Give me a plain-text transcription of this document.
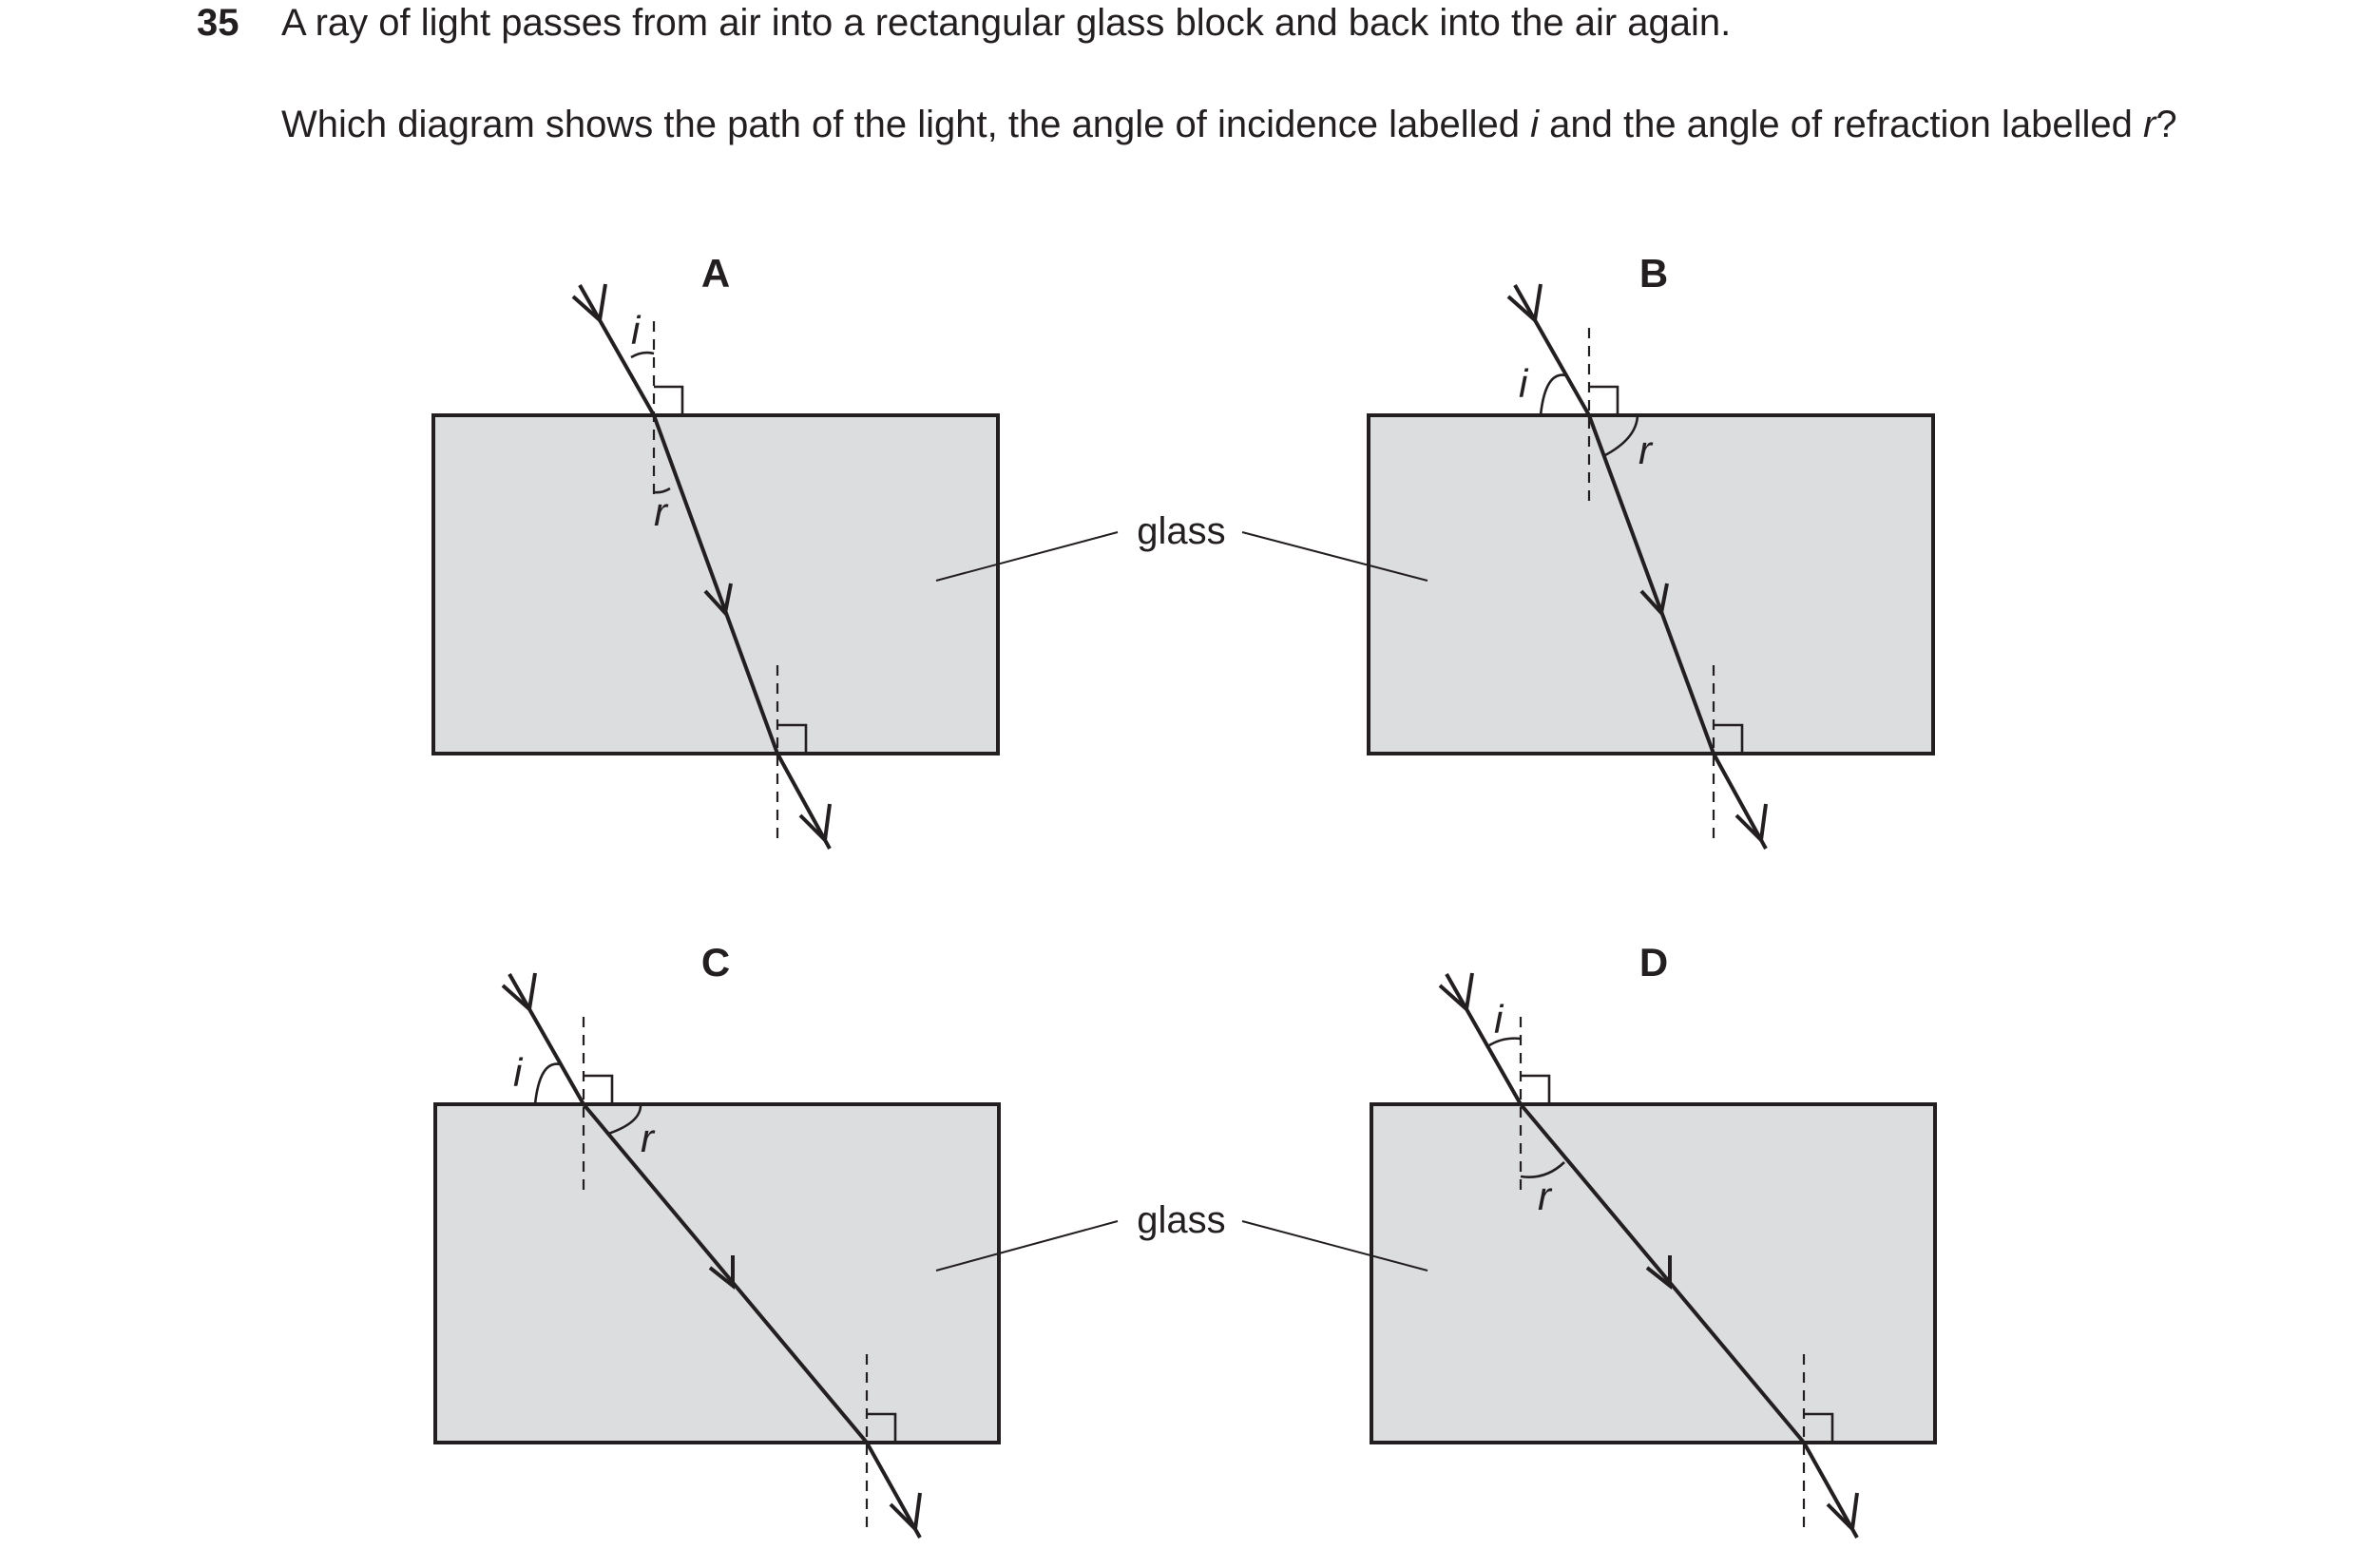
35 A ray of light passes from air into a rectangular glass block and back into the air again.
Which diagram shows the path of the light, the angle of incidence labelled i and the angle of refraction labelled r?
A
i
r
B
i
r
glass
C
i
r
D
i
r
glass
